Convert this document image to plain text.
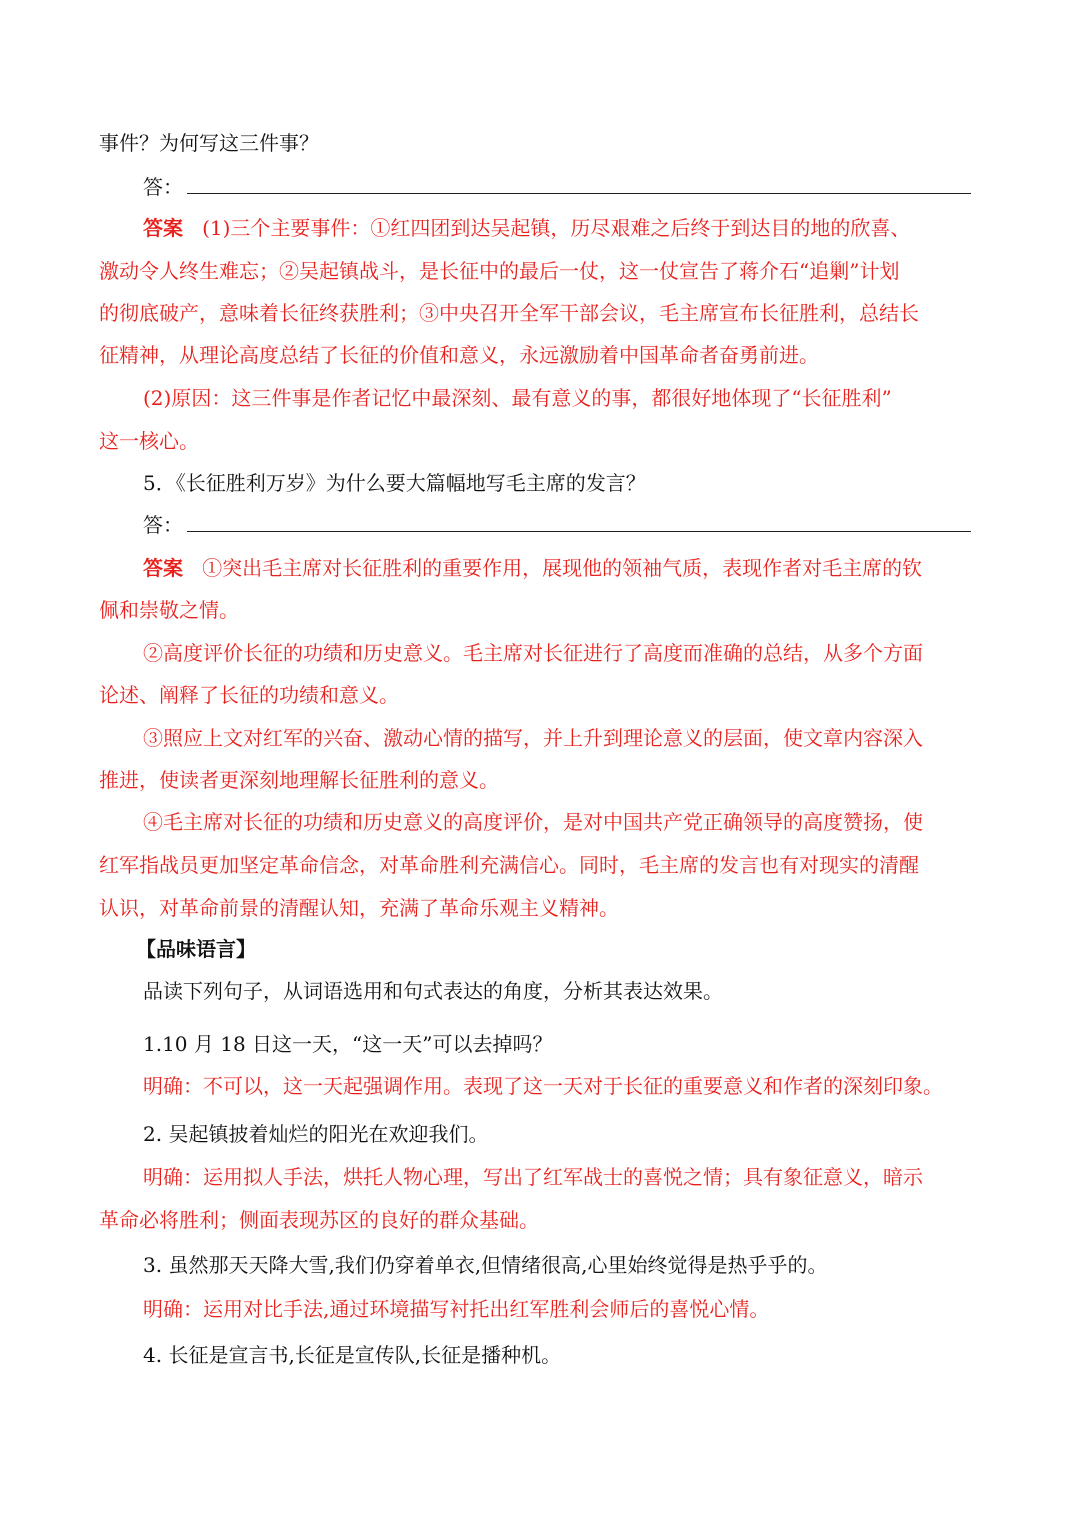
事件？为何写这三件事？
答：
答案 (1)三个主要事件：①红四团到达吴起镇，历尽艰难之后终于到达目的地的欣喜、
激动令人终生难忘；②吴起镇战斗，是长征中的最后一仗，这一仗宣告了蒋介石“追剿”计划
的彻底破产，意味着长征终获胜利；③中央召开全军干部会议，毛主席宣布长征胜利，总结长
征精神，从理论高度总结了长征的价值和意义，永远激励着中国革命者奋勇前进。
(2)原因：这三件事是作者记忆中最深刻、最有意义的事，都很好地体现了“长征胜利”
这一核心。
5．《长征胜利万岁》为什么要大篇幅地写毛主席的发言？
答：
答案 ①突出毛主席对长征胜利的重要作用，展现他的领袖气质，表现作者对毛主席的钦
佩和崇敬之情。
②高度评价长征的功绩和历史意义。毛主席对长征进行了高度而准确的总结，从多个方面
论述、阐释了长征的功绩和意义。
③照应上文对红军的兴奋、激动心情的描写，并上升到理论意义的层面，使文章内容深入
推进，使读者更深刻地理解长征胜利的意义。
④毛主席对长征的功绩和历史意义的高度评价，是对中国共产党正确领导的高度赞扬，使
红军指战员更加坚定革命信念，对革命胜利充满信心。同时，毛主席的发言也有对现实的清醒
认识，对革命前景的清醒认知，充满了革命乐观主义精神。
【品味语言】
品读下列句子，从词语选用和句式表达的角度，分析其表达效果。
1.10 月 18 日这一天，“这一天”可以去掉吗？
明确：不可以，这一天起强调作用。表现了这一天对于长征的重要意义和作者的深刻印象。
2. 吴起镇披着灿烂的阳光在欢迎我们。
明确：运用拟人手法，烘托人物心理，写出了红军战士的喜悦之情；具有象征意义，暗示
革命必将胜利；侧面表现苏区的良好的群众基础。
3. 虽然那天天降大雪,我们仍穿着单衣,但情绪很高,心里始终觉得是热乎乎的。
明确：运用对比手法,通过环境描写衬托出红军胜利会师后的喜悦心情。
4. 长征是宣言书,长征是宣传队,长征是播种机。
